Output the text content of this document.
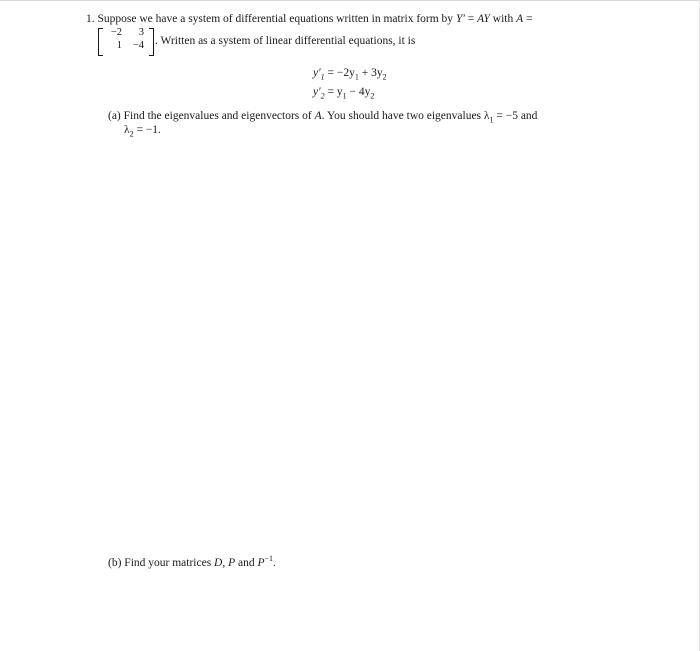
1. Suppose we have a system of differential equations written in matrix form by Y′ = AY with A =
−2	3
1	−4 . Written as a system of linear differential equations, it is
$y'_1 = -2y_1 + 3y_2$
$y'_2 = y_1 - 4y_2$
(a) Find the eigenvalues and eigenvectors of A. You should have two eigenvalues $\lambda_1 = -5$ and
$\lambda_2 = -1$.
(b) Find your matrices D, P and $P^{-1}$.
